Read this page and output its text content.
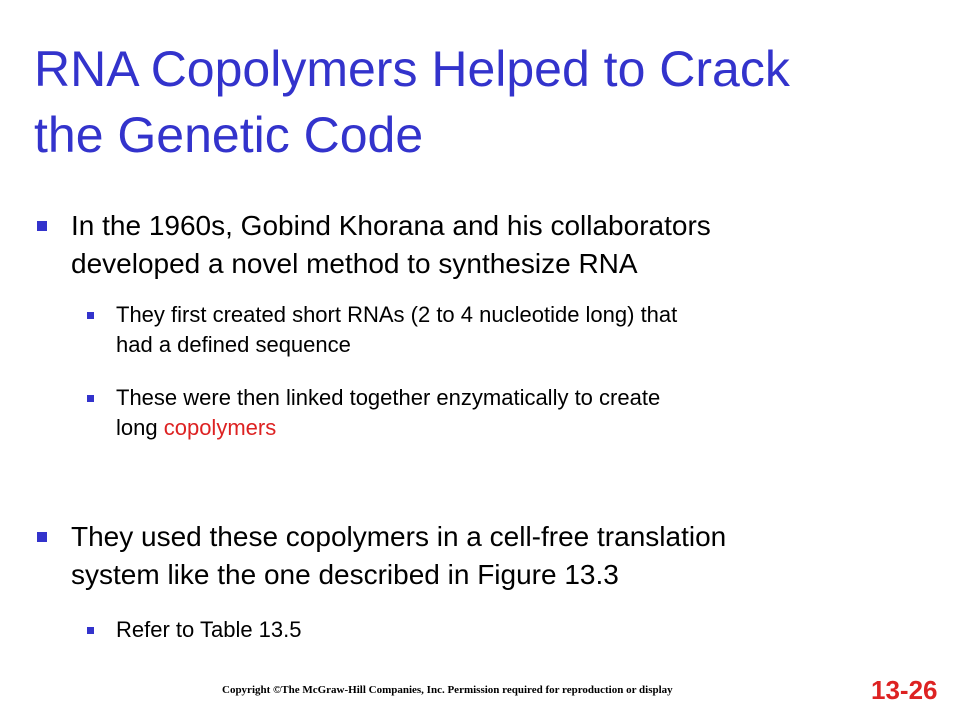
RNA Copolymers Helped to Crack
the Genetic Code
In the 1960s, Gobind Khorana and his collaborators
developed a novel method to synthesize RNA
They first created short RNAs (2 to 4 nucleotide long) that
had a defined sequence
These were then linked together enzymatically to create
long copolymers
They used these copolymers in a cell-free translation
system like the one described in Figure 13.3
Refer to Table 13.5
Copyright ©The McGraw-Hill Companies, Inc. Permission required for reproduction or display	13-26
